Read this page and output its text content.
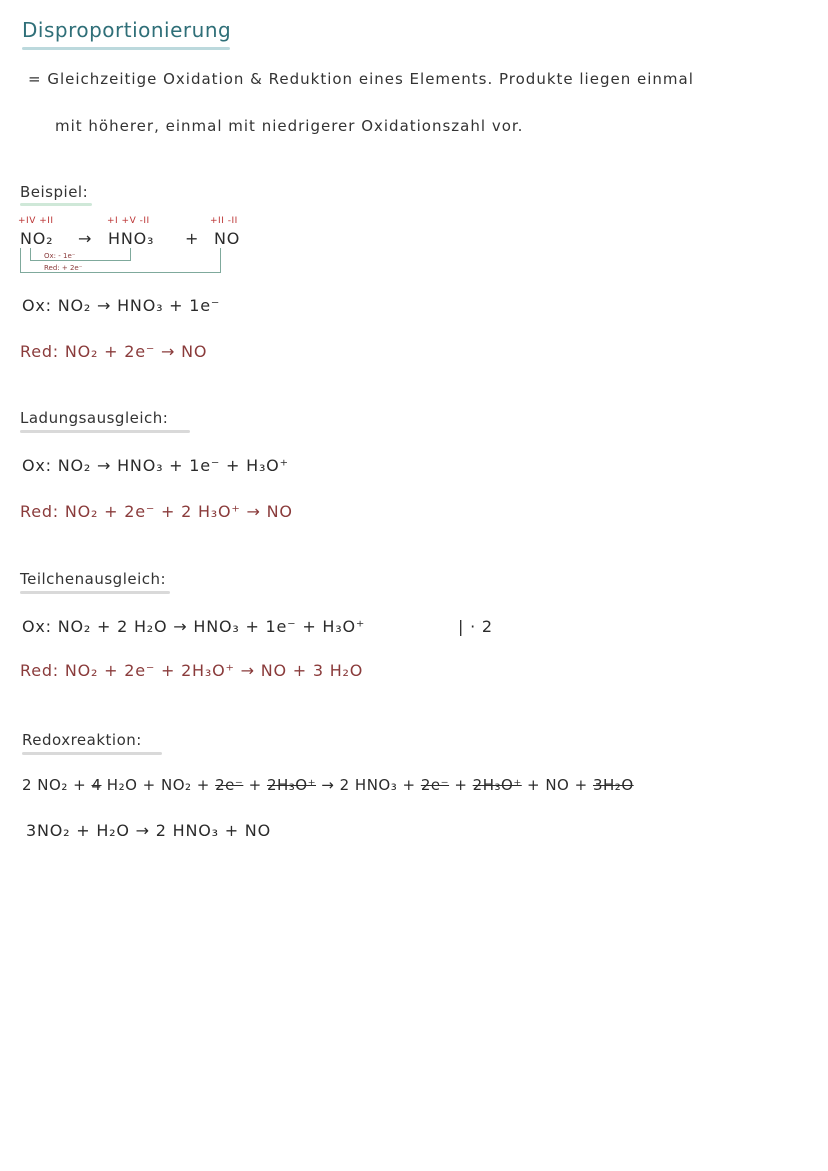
Disproportionierung
= Gleichzeitige Oxidation & Reduktion eines Elements. Produkte liegen einmal
mit höherer, einmal mit niedrigerer Oxidationszahl vor.
Beispiel:
+IV +II	+I +V -II	+II -II
NO₂ → HNO₃ + NO
Ox: - 1e⁻
Red: + 2e⁻
Ox: NO₂ → HNO₃ + 1e⁻
Red: NO₂ + 2e⁻ → NO
Ladungsausgleich:
Ox: NO₂ → HNO₃ + 1e⁻ + H₃O⁺
Red: NO₂ + 2e⁻ + 2 H₃O⁺ → NO
Teilchenausgleich:
Ox: NO₂ + 2 H₂O → HNO₃ + 1e⁻ + H₃O⁺	| · 2
Red: NO₂ + 2e⁻ + 2H₃O⁺ → NO + 3 H₂O
Redoxreaktion:
2 NO₂ + 4 H₂O + NO₂ + 2e⁻ + 2H₃O⁺ → 2 HNO₃ + 2e⁻ + 2H₃O⁺ + NO + 3H₂O
3NO₂ + H₂O → 2 HNO₃ + NO
